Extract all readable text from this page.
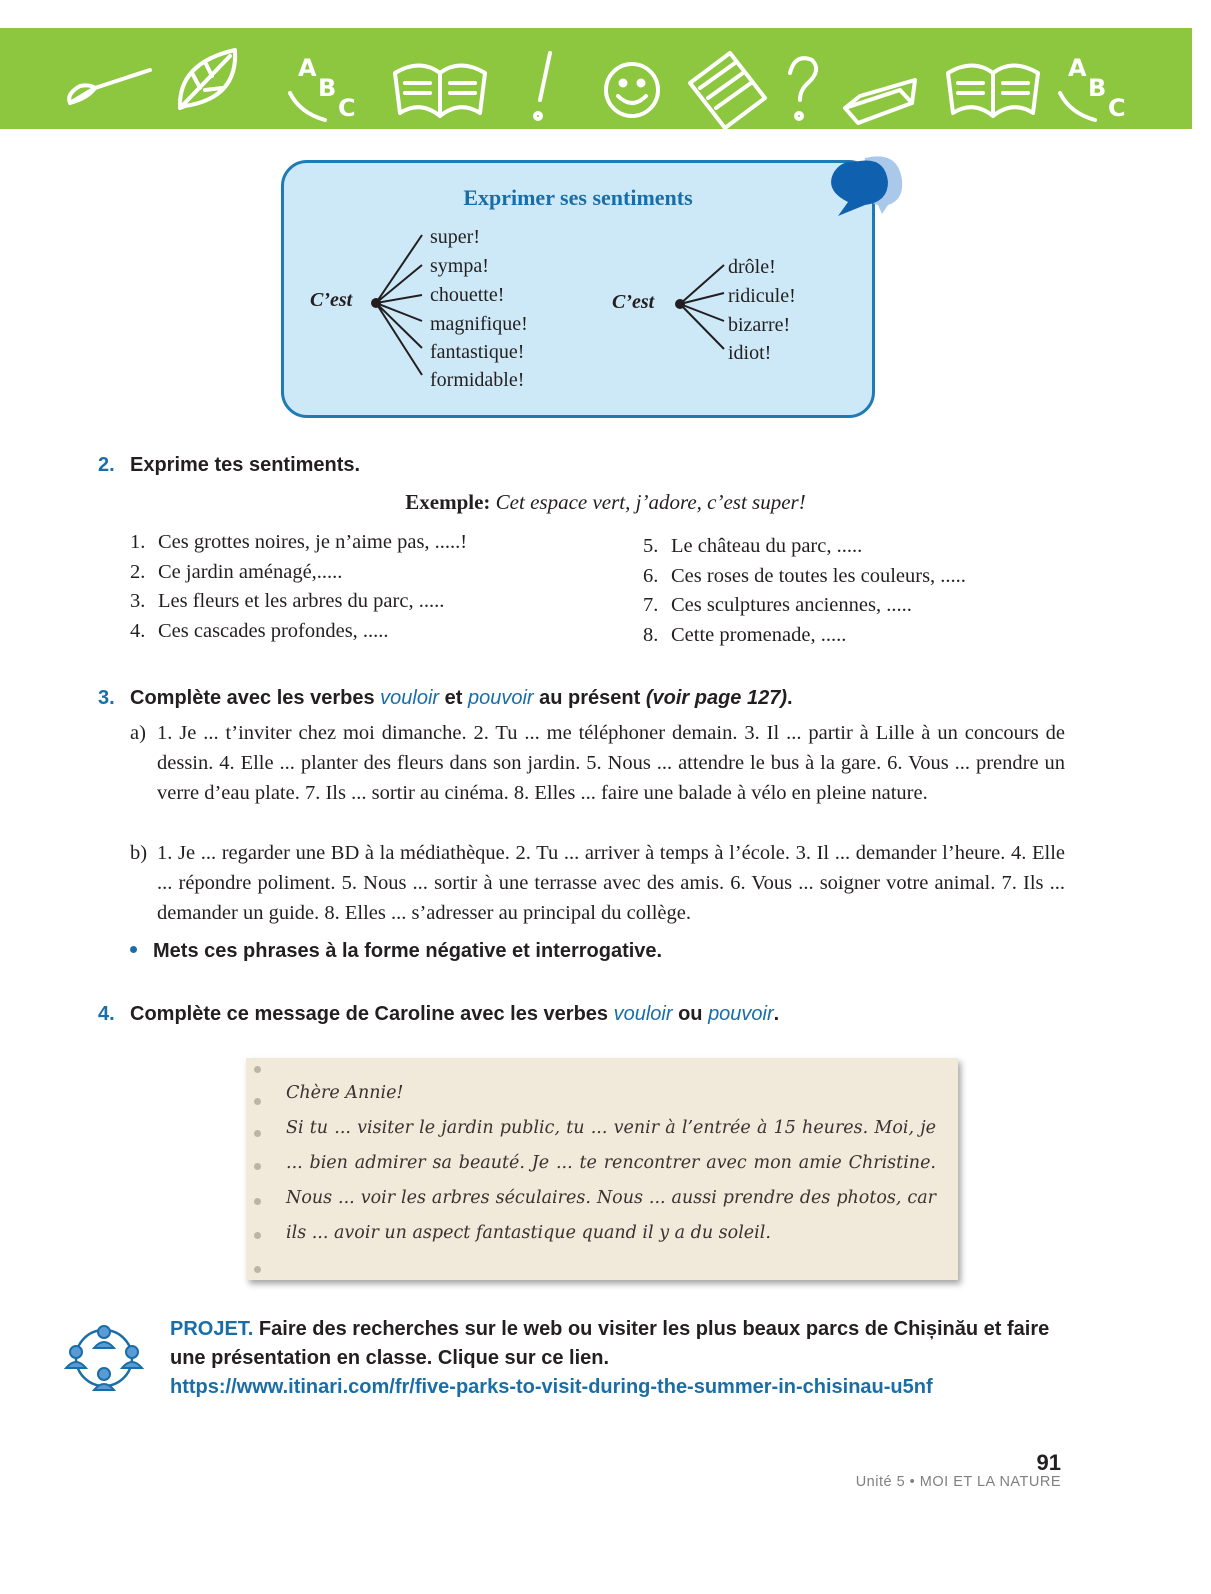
A
B
C
A
B
C
Exprimer ses sentiments
C’est
super!
sympa!
chouette!
magnifique!
fantastique!
formidable!
C’est
drôle!
ridicule!
bizarre!
idiot!
2. Exprime tes sentiments.
Exemple: Cet espace vert, j’adore, c’est super!
1. Ces grottes noires, je n’aime pas, .....!
2. Ce jardin aménagé,.....
3. Les fleurs et les arbres du parc, .....
4. Ces cascades profondes, .....
5. Le château du parc, .....
6. Ces roses de toutes les couleurs, .....
7. Ces sculptures anciennes, .....
8. Cette promenade, .....
3. Complète avec les verbes vouloir et pouvoir au présent (voir page 127).
a) 1. Je ... t’inviter chez moi dimanche. 2. Tu ... me téléphoner demain. 3. Il ... partir à Lille à un concours de dessin. 4. Elle ... planter des fleurs dans son jardin. 5. Nous ... attendre le bus à la gare. 6. Vous ... prendre un verre d’eau plate. 7. Ils ... sortir au cinéma. 8. Elles ... faire une balade à vélo en pleine nature.
b) 1. Je ... regarder une BD à la médiathèque. 2. Tu ... arriver à temps à l’école. 3. Il ... demander l’heure. 4. Elle ... répondre poliment. 5. Nous ... sortir à une terrasse avec des amis. 6. Vous ... soigner votre animal. 7. Ils ... demander un guide. 8. Elles ... s’adresser au principal du collège.
Mets ces phrases à la forme négative et interrogative.
4. Complète ce message de Caroline avec les verbes vouloir ou pouvoir.

Chère Annie!

Si tu ... visiter le jardin public, tu ... venir à l’entrée à 15 heures. Moi, je ... bien admirer sa beauté. Je ... te rencontrer avec mon amie Christine. Nous ... voir les arbres séculaires. Nous ... aussi prendre des photos, car ils ... avoir un aspect fantastique quand il y a du soleil.

PROJET. Faire des recherches sur le web ou visiter les plus beaux parcs de Chișinău et faire une présentation en classe. Clique sur ce lien.
https://www.itinari.com/fr/five-parks-to-visit-during-the-summer-in-chisinau-u5nf
91
Unité 5 • MOI ET LA NATURE
